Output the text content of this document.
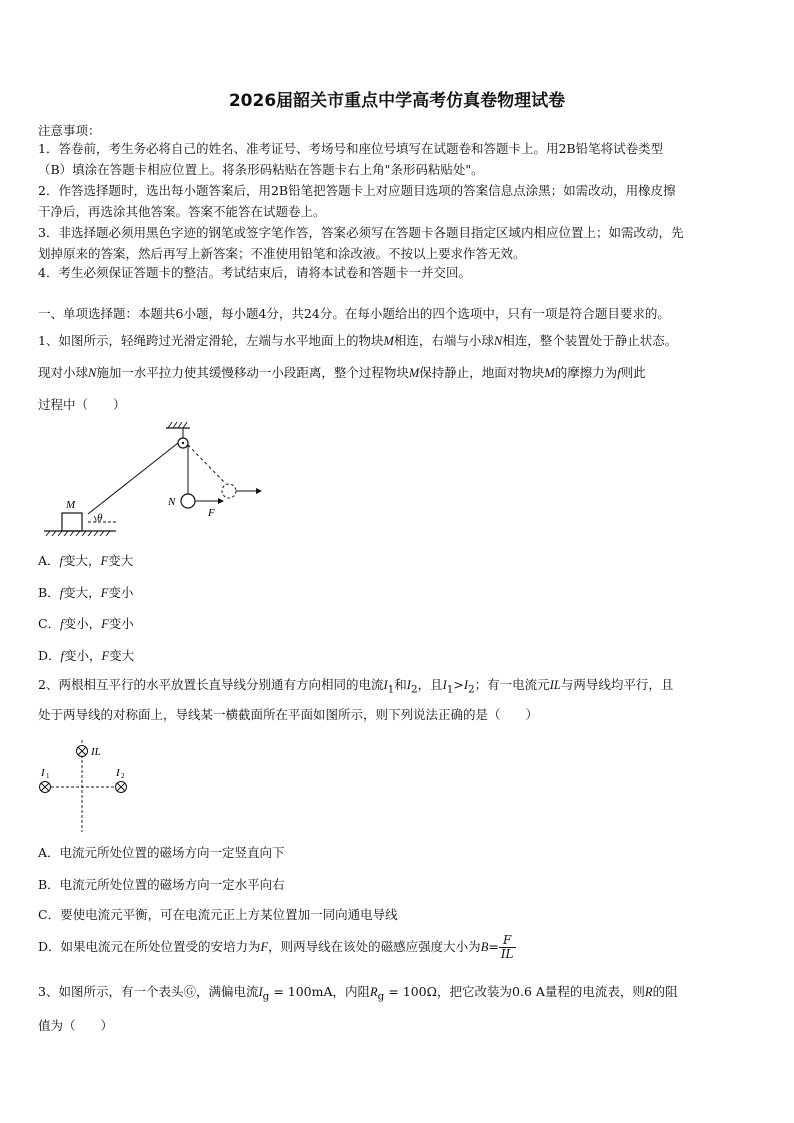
2026届韶关市重点中学高考仿真卷物理试卷
注意事项：
1．答卷前，考生务必将自己的姓名、准考证号、考场号和座位号填写在试题卷和答题卡上。用2B铅笔将试卷类型
（B）填涂在答题卡相应位置上。将条形码粘贴在答题卡右上角"条形码粘贴处"。
2．作答选择题时，选出每小题答案后，用2B铅笔把答题卡上对应题目选项的答案信息点涂黑；如需改动，用橡皮擦
干净后，再选涂其他答案。答案不能答在试题卷上。
3．非选择题必须用黑色字迹的钢笔或签字笔作答，答案必须写在答题卡各题目指定区域内相应位置上；如需改动，先
划掉原来的答案，然后再写上新答案；不准使用铅笔和涂改液。不按以上要求作答无效。
4．考生必须保证答题卡的整洁。考试结束后，请将本试卷和答题卡一并交回。
一、单项选择题：本题共6小题，每小题4分，共24分。在每小题给出的四个选项中，只有一项是符合题目要求的。
1、如图所示，轻绳跨过光滑定滑轮，左端与水平地面上的物块M相连，右端与小球N相连，整个装置处于静止状态。
现对小球N施加一水平拉力使其缓慢移动一小段距离，整个过程物块M保持静止，地面对物块M的摩擦力为f则此
过程中（　　）
M
θ
N
F
A．f变大，F变大
B．f变大，F变小
C．f变小，F变小
D．f变小，F变大
2、两根相互平行的水平放置长直导线分别通有方向相同的电流$I_1$和$I_2$，且$I_1>I_2$；有一电流元IL与两导线均平行，且
处于两导线的对称面上，导线某一横截面所在平面如图所示，则下列说法正确的是（　　）
IL
I 1	I 2
A．电流元所处位置的磁场方向一定竖直向下
B．电流元所处位置的磁场方向一定水平向右
C．要使电流元平衡，可在电流元正上方某位置加一同向通电导线
D．如果电流元在所处位置受的安培力为F，则两导线在该处的磁感应强度大小为$B= \frac{F}{IL}$
3、如图所示，有一个表头Ⓖ，满偏电流$I_g = 100mA$，内阻$R_g = 100\Omega$，把它改装为0.6 A量程的电流表，则R的阻
值为（　　）
